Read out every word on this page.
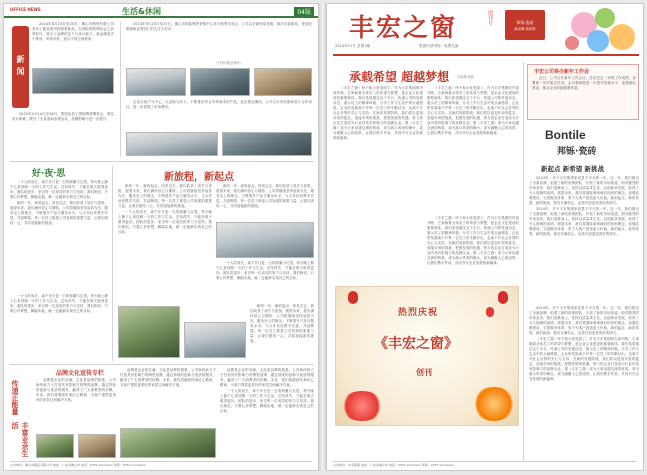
OFFICE NEWS	生活&休闲	04版
新闻

2014年8月23日至25日，佛山市陶瓷有限公司发布了新品系列的强势新品，在国际陶瓷博览会上获得好评，展示了品牌的实力与设计能力。新品涵盖多个系列，风格多样，适合不同空间使用。

2015年4月14日至16日，集团参加了国际陶瓷博览会，展位设计新颖，吸引了大量客商参观洽谈，品牌影响力进一步提升。

2014年9月25日至27日，佛山市国际陶瓷采购中心举办秋季交易会，公司以全新形象亮相，推出多款新品，受到经销商和业界同仁的关注与好评。

（下图为展会现场）

企业以客户为中心，以创新为动力，不断推出符合市场需求的产品。此次展会期间，公司与多家经销商签订合作协议，进一步拓展了市场网络。

好·夜·思

一个人的成长，离不开日复一日的积累与反思。每天晚上静下心来回顾一天的工作与生活，总结得失，才能在明天做得更好。团队的进步，来自每一位成员的努力与坚持，我们相信，只要心怀梦想，脚踏实地，就一定能够实现自己的目标。

新的一年，新的起点。回首过去，我们收获了成长与喜悦；展望未来，我们满怀信心与期待。公司将继续坚持品质为先、服务至上的理念，不断提升产品与服务水平，与合作伙伴携手共进，共创辉煌。每一位员工都是公司发展的重要力量，让我们团结一心，共同迎接新的挑战。

一个人的成长，离不开日复一日的积累与反思。每天晚上静下心来回顾一天的工作与生活，总结得失，才能在明天做得更好。团队的进步，来自每一位成员的努力与坚持，我们相信，只要心怀梦想，脚踏实地，就一定能够实现自己的目标。

新旅程，新起点

新的一年，新的起点。回首过去，我们收获了成长与喜悦；展望未来，我们满怀信心与期待。公司将继续坚持品质为先、服务至上的理念，不断提升产品与服务水平，与合作伙伴携手共进，共创辉煌。每一位员工都是公司发展的重要力量，让我们团结一心，共同迎接新的挑战。

一个人的成长，离不开日复一日的积累与反思。每天晚上静下心来回顾一天的工作与生活，总结得失，才能在明天做得更好。团队的进步，来自每一位成员的努力与坚持，我们相信，只要心怀梦想，脚踏实地，就一定能够实现自己的目标。

新的一年，新的起点。回首过去，我们收获了成长与喜悦；展望未来，我们满怀信心与期待。公司将继续坚持品质为先、服务至上的理念，不断提升产品与服务水平，与合作伙伴携手共进，共创辉煌。每一位员工都是公司发展的重要力量，让我们团结一心，共同迎接新的挑战。

一个人的成长，离不开日复一日的积累与反思。每天晚上静下心来回顾一天的工作与生活，总结得失，才能在明天做得更好。团队的进步，来自每一位成员的努力与坚持，我们相信，只要心怀梦想，脚踏实地，就一定能够实现自己的目标。

新的一年，新的起点。回首过去，我们收获了成长与喜悦；展望未来，我们满怀信心与期待。公司将继续坚持品质为先、服务至上的理念，不断提升产品与服务水平，与合作伙伴携手共进，共创辉煌。每一位员工都是公司发展的重要力量，让我们团结一心，共同迎接新的挑战。

品牌文化宣传专栏
传递正能量
丰富业余生活

品牌是企业的灵魂，文化是品牌的根基。公司始终致力于打造具有影响力的陶瓷品牌，通过持续的创新与优质的服务，赢得了广大消费者的信赖。未来，我们将继续传承匠心精神，为客户提供更美好的家居空间解决方案。

品牌是企业的灵魂，文化是品牌的根基。公司始终致力于打造具有影响力的陶瓷品牌，通过持续的创新与优质的服务，赢得了广大消费者的信赖。未来，我们将继续传承匠心精神，为客户提供更美好的家居空间解决方案。

品牌是企业的灵魂，文化是品牌的根基。公司始终致力于打造具有影响力的陶瓷品牌，通过持续的创新与优质的服务，赢得了广大消费者的信赖。未来，我们将继续传承匠心精神，为客户提供更美好的家居空间解决方案。

一个人的成长，离不开日复一日的积累与反思。每天晚上静下心来回顾一天的工作与生活，总结得失，才能在明天做得更好。团队的进步，来自每一位成员的努力与坚持，我们相信，只要心怀梦想，脚踏实地，就一定能够实现自己的目标。

主办单位：佛山市陶瓷有限公司 地址：广东省佛山市 电话：0757-xxxxxxxx 传真：0757-xxxxxxxx
丰宏之窗	创刊号
2014年11月 总第1期	集团内部刊物 · 免费交流
邦铄·瓷砖
新品牌 新形象
承载希望 超越梦想 总经理 致辞

《丰宏之窗》终于和大家见面了。作为丰宏集团的内部刊物，它承载着全体员工的希望与梦想，是企业文化建设的重要载体。我们希望通过这个平台，传递公司的发展动态，展示员工的精神风貌，分享工作与生活中的点滴感悟。企业的发展离不开每一位员工的辛勤付出，也离不开社会各界的关心与支持。在新的发展阶段，我们将以更加开放的姿态，迎接市场的挑战，把握发展的机遇，努力将企业打造成为行业内具有影响力的品牌企业。愿《丰宏之窗》成为大家沟通交流的桥梁，成为展示风采的舞台，成为凝聚人心的纽带。让我们携手并肩，共同书写企业发展的新篇章。

《丰宏之窗》终于和大家见面了。作为丰宏集团的内部刊物，它承载着全体员工的希望与梦想，是企业文化建设的重要载体。我们希望通过这个平台，传递公司的发展动态，展示员工的精神风貌，分享工作与生活中的点滴感悟。企业的发展离不开每一位员工的辛勤付出，也离不开社会各界的关心与支持。在新的发展阶段，我们将以更加开放的姿态，迎接市场的挑战，把握发展的机遇，努力将企业打造成为行业内具有影响力的品牌企业。愿《丰宏之窗》成为大家沟通交流的桥梁，成为展示风采的舞台，成为凝聚人心的纽带。让我们携手并肩，共同书写企业发展的新篇章。

《丰宏之窗》终于和大家见面了。作为丰宏集团的内部刊物，它承载着全体员工的希望与梦想，是企业文化建设的重要载体。我们希望通过这个平台，传递公司的发展动态，展示员工的精神风貌，分享工作与生活中的点滴感悟。企业的发展离不开每一位员工的辛勤付出，也离不开社会各界的关心与支持。在新的发展阶段，我们将以更加开放的姿态，迎接市场的挑战，把握发展的机遇，努力将企业打造成为行业内具有影响力的品牌企业。愿《丰宏之窗》成为大家沟通交流的桥梁，成为展示风采的舞台，成为凝聚人心的纽带。让我们携手并肩，共同书写企业发展的新篇章。

丰宏公司举办新年工作会

近日，公司召开新年工作会议，总结过去一年的工作成绩，部署新一年的重点任务。会议强调要进一步提升管理水平，加强团队建设，推动企业持续健康发展。

Bontile
邦铄·瓷砖
新起点 新希望 新挑战

2014年，对于丰宏集团来说是不平凡的一年。这一年，我们推出了全新品牌，组建了新的营销团队，开拓了新的市场渠道。面对激烈的市场竞争，我们迎难而上，坚持以质量求生存，以创新求发展，取得了令人鼓舞的成绩。展望未来，我们将继续秉承诚信经营的理念，加强品牌建设，完善服务体系，努力为客户创造更大价值。新的起点，新的希望，新的挑战，我们充满信心，必将开创更加美好的明天。

2014年，对于丰宏集团来说是不平凡的一年。这一年，我们推出了全新品牌，组建了新的营销团队，开拓了新的市场渠道。面对激烈的市场竞争，我们迎难而上，坚持以质量求生存，以创新求发展，取得了令人鼓舞的成绩。展望未来，我们将继续秉承诚信经营的理念，加强品牌建设，完善服务体系，努力为客户创造更大价值。新的起点，新的希望，新的挑战，我们充满信心，必将开创更加美好的明天。

2014年，对于丰宏集团来说是不平凡的一年。这一年，我们推出了全新品牌，组建了新的营销团队，开拓了新的市场渠道。面对激烈的市场竞争，我们迎难而上，坚持以质量求生存，以创新求发展，取得了令人鼓舞的成绩。展望未来，我们将继续秉承诚信经营的理念，加强品牌建设，完善服务体系，努力为客户创造更大价值。新的起点，新的希望，新的挑战，我们充满信心，必将开创更加美好的明天。

《丰宏之窗》终于和大家见面了。作为丰宏集团的内部刊物，它承载着全体员工的希望与梦想，是企业文化建设的重要载体。我们希望通过这个平台，传递公司的发展动态，展示员工的精神风貌，分享工作与生活中的点滴感悟。企业的发展离不开每一位员工的辛勤付出，也离不开社会各界的关心与支持。在新的发展阶段，我们将以更加开放的姿态，迎接市场的挑战，把握发展的机遇，努力将企业打造成为行业内具有影响力的品牌企业。愿《丰宏之窗》成为大家沟通交流的桥梁，成为展示风采的舞台，成为凝聚人心的纽带。让我们携手并肩，共同书写企业发展的新篇章。

热烈庆祝
《丰宏之窗》
创刊
主办单位：丰宏集团 地址：广东省佛山市 电话：0757-xxxxxxxx 传真：0757-xxxxxxxx
